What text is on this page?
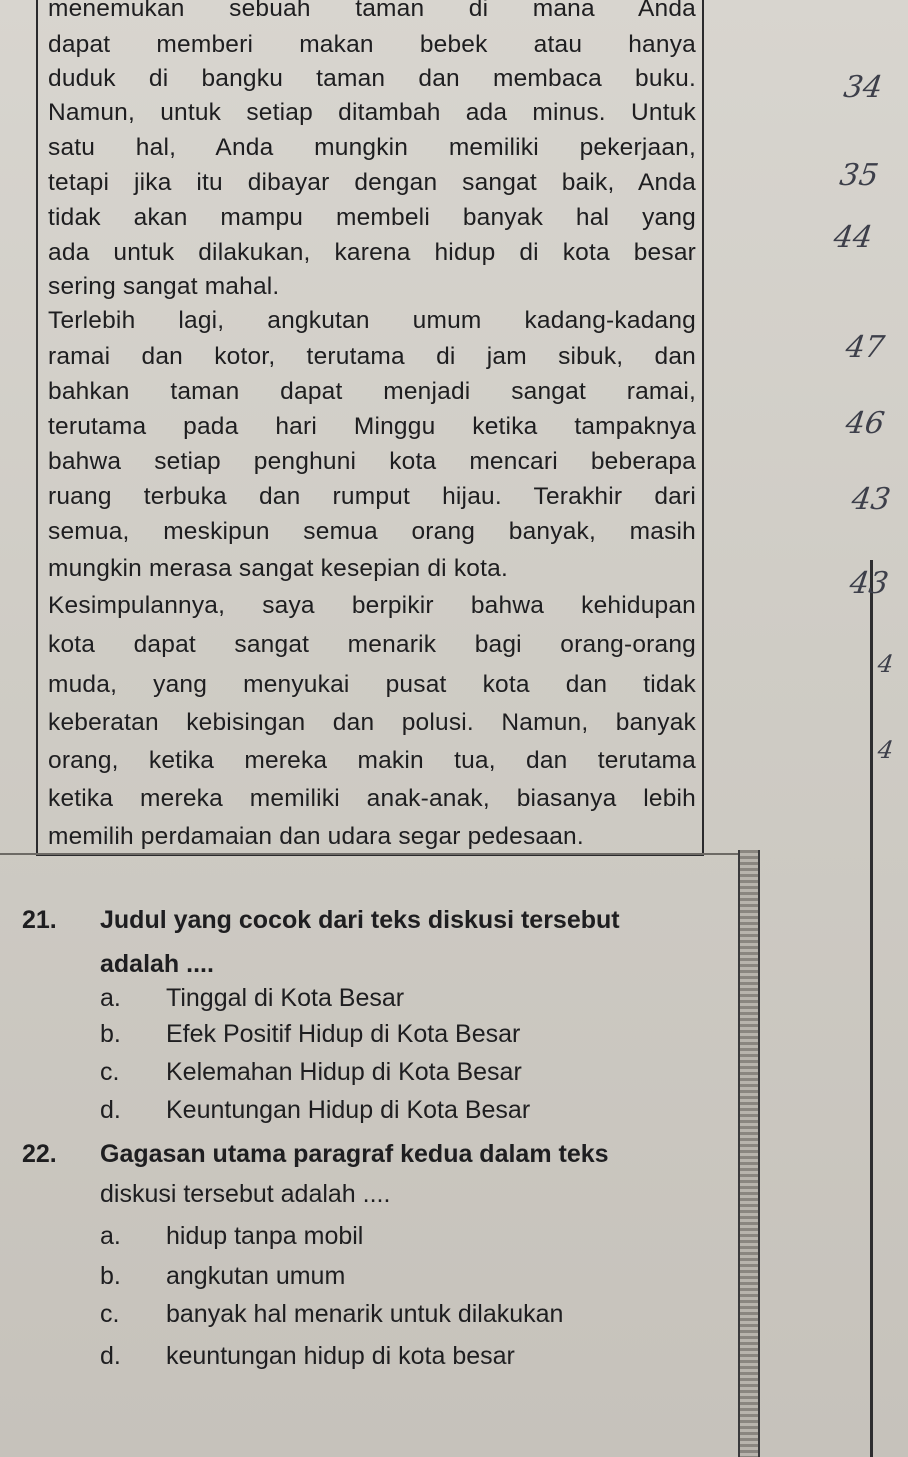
menemukan sebuah taman di mana Anda
dapat memberi makan bebek atau hanya
duduk di bangku taman dan membaca buku.
Namun, untuk setiap ditambah ada minus. Untuk
satu hal, Anda mungkin memiliki pekerjaan,
tetapi jika itu dibayar dengan sangat baik, Anda
tidak akan mampu membeli banyak hal yang
ada untuk dilakukan, karena hidup di kota besar
sering sangat mahal.
Terlebih lagi, angkutan umum kadang-kadang
ramai dan kotor, terutama di jam sibuk, dan
bahkan taman dapat menjadi sangat ramai,
terutama pada hari Minggu ketika tampaknya
bahwa setiap penghuni kota mencari beberapa
ruang terbuka dan rumput hijau. Terakhir dari
semua, meskipun semua orang banyak, masih
mungkin merasa sangat kesepian di kota.
Kesimpulannya, saya berpikir bahwa kehidupan
kota dapat sangat menarik bagi orang-orang
muda, yang menyukai pusat kota dan tidak
keberatan kebisingan dan polusi. Namun, banyak
orang, ketika mereka makin tua, dan terutama
ketika mereka memiliki anak-anak, biasanya lebih
memilih perdamaian dan udara segar pedesaan.
21. Judul yang cocok dari teks diskusi tersebut
adalah ....
a. Tinggal di Kota Besar
b. Efek Positif Hidup di Kota Besar
c. Kelemahan Hidup di Kota Besar
d. Keuntungan Hidup di Kota Besar
22. Gagasan utama paragraf kedua dalam teks
diskusi tersebut adalah ....
a. hidup tanpa mobil
b. angkutan umum
c. banyak hal menarik untuk dilakukan
d. keuntungan hidup di kota besar
34
35
44
47
46
43
43
4
4
